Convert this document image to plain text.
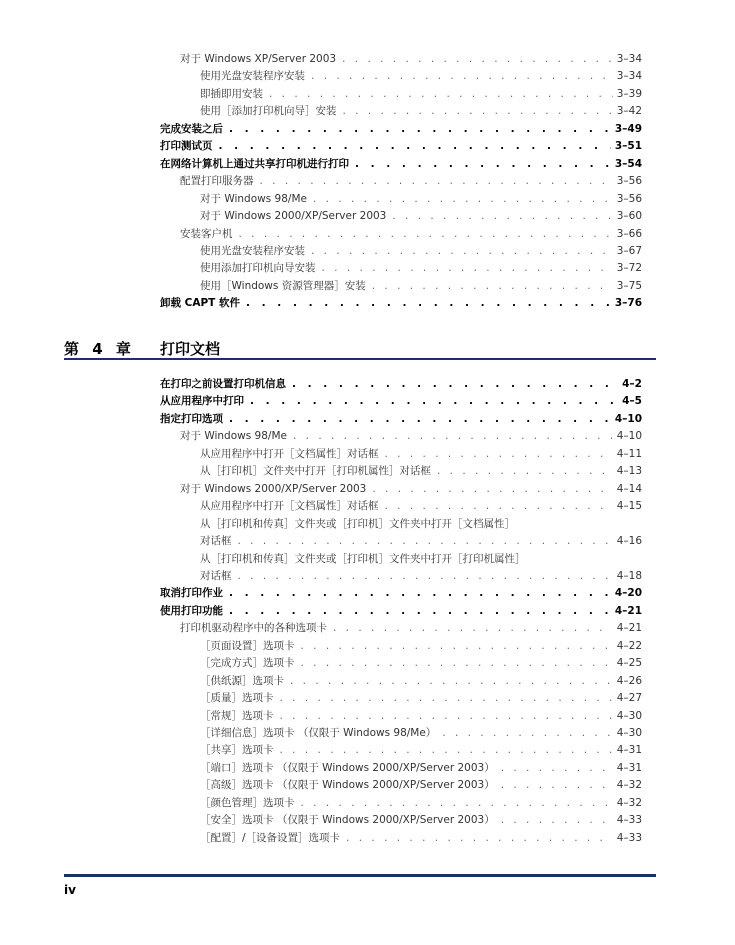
对于 Windows XP/Server 2003 . . .	3–34
使用光盘安装程序安装 . . .	3–34
即插即用安装 . . .	3–39
使用［添加打印机向导］安装 . . .	3–42
完成安装之后 . . .	3–49
打印测试页 . . .	3–51
在网络计算机上通过共享打印机进行打印 . . .	3–54
配置打印服务器 . . .	3–56
对于 Windows 98/Me . . .	3–56
对于 Windows 2000/XP/Server 2003 . . .	3–60
安装客户机 . . .	3–66
使用光盘安装程序安装 . . .	3–67
使用添加打印机向导安装 . . .	3–72
使用［Windows 资源管理器］安装 . . .	3–75
卸载 CAPT 软件 . . .	3–76
第 4 章 打印文档
在打印之前设置打印机信息 . . .	4–2
从应用程序中打印 . . .	4–5
指定打印选项 . . .	4–10
对于 Windows 98/Me . . .	4–10
从应用程序中打开［文档属性］对话框 . . .	4–11
从［打印机］文件夹中打开［打印机属性］对话框 . . .	4–13
对于 Windows 2000/XP/Server 2003 . . .	4–14
从应用程序中打开［文档属性］对话框 . . .	4–15
从［打印机和传真］文件夹或［打印机］文件夹中打开［文档属性］
对话框 . . .	4–16
从［打印机和传真］文件夹或［打印机］文件夹中打开［打印机属性］
对话框 . . .	4–18
取消打印作业 . . .	4–20
使用打印功能 . . .	4–21
打印机驱动程序中的各种选项卡 . . .	4–21
［页面设置］选项卡 . . .	4–22
［完成方式］选项卡 . . .	4–25
［供纸源］选项卡 . . .	4–26
［质量］选项卡 . . .	4–27
［常规］选项卡 . . .	4–30
［详细信息］选项卡 （仅限于 Windows 98/Me） . . .	4–30
［共享］选项卡 . . .	4–31
［端口］选项卡 （仅限于 Windows 2000/XP/Server 2003） . . .	4–31
［高级］选项卡 （仅限于 Windows 2000/XP/Server 2003） . . .	4–32
［颜色管理］选项卡 . . .	4–32
［安全］选项卡 （仅限于 Windows 2000/XP/Server 2003） . . .	4–33
［配置］/［设备设置］选项卡 . . .	4–33
iv
